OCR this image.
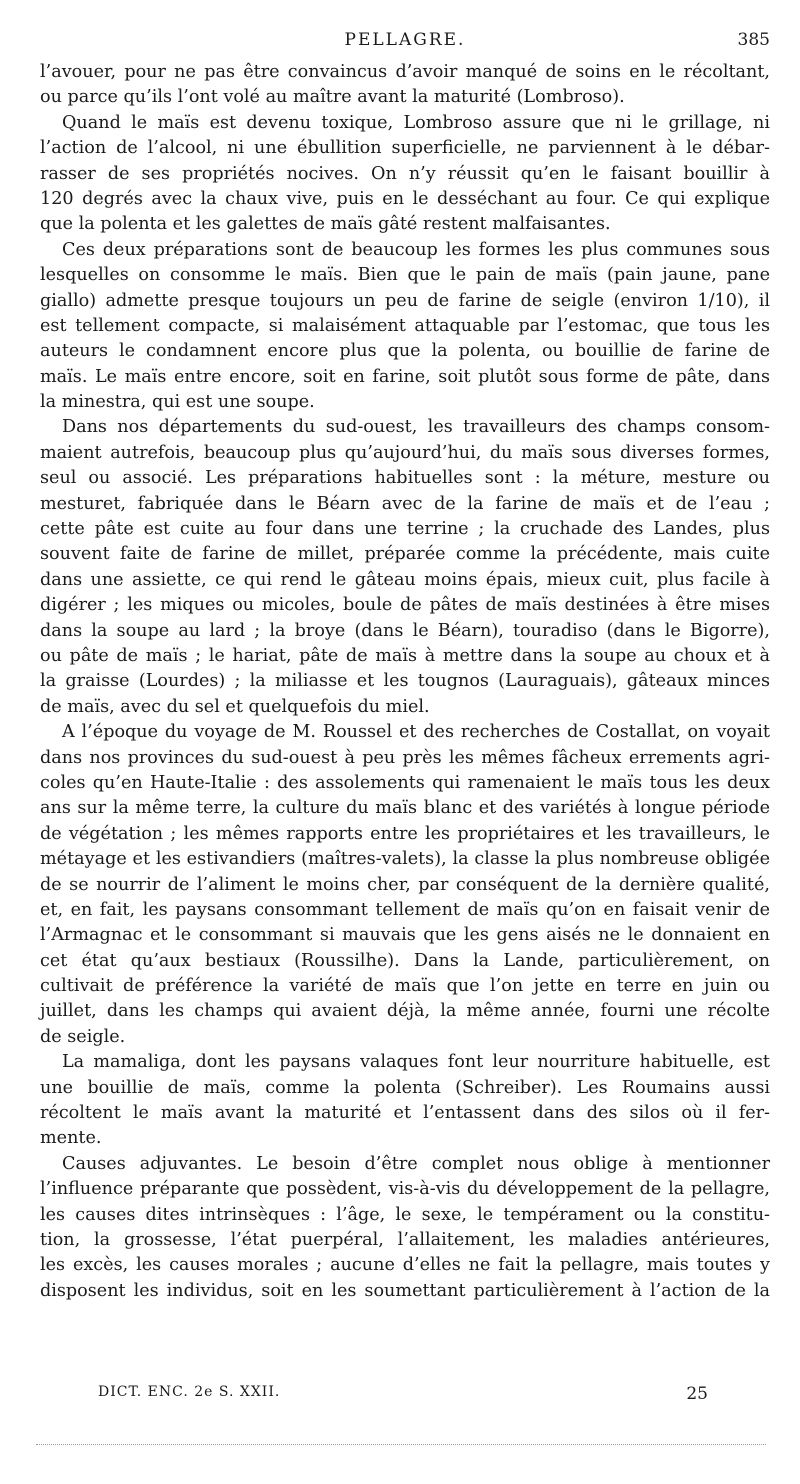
PELLAGRE.	385
l’avouer, pour ne pas être convaincus d’avoir manqué de soins en le récoltant,
ou parce qu’ils l’ont volé au maître avant la maturité (Lombroso).
Quand le maïs est devenu toxique, Lombroso assure que ni le grillage, ni
l’action de l’alcool, ni une ébullition superficielle, ne parviennent à le débar-
rasser de ses propriétés nocives. On n’y réussit qu’en le faisant bouillir à
120 degrés avec la chaux vive, puis en le desséchant au four. Ce qui explique
que la polenta et les galettes de maïs gâté restent malfaisantes.
Ces deux préparations sont de beaucoup les formes les plus communes sous
lesquelles on consomme le maïs. Bien que le pain de maïs (pain jaune, pane
giallo) admette presque toujours un peu de farine de seigle (environ 1/10), il
est tellement compacte, si malaisément attaquable par l’estomac, que tous les
auteurs le condamnent encore plus que la polenta, ou bouillie de farine de
maïs. Le maïs entre encore, soit en farine, soit plutôt sous forme de pâte, dans
la minestra, qui est une soupe.
Dans nos départements du sud-ouest, les travailleurs des champs consom-
maient autrefois, beaucoup plus qu’aujourd’hui, du maïs sous diverses formes,
seul ou associé. Les préparations habituelles sont : la méture, mesture ou
mesturet, fabriquée dans le Béarn avec de la farine de maïs et de l’eau ;
cette pâte est cuite au four dans une terrine ; la cruchade des Landes, plus
souvent faite de farine de millet, préparée comme la précédente, mais cuite
dans une assiette, ce qui rend le gâteau moins épais, mieux cuit, plus facile à
digérer ; les miques ou micoles, boule de pâtes de maïs destinées à être mises
dans la soupe au lard ; la broye (dans le Béarn), touradiso (dans le Bigorre),
ou pâte de maïs ; le hariat, pâte de maïs à mettre dans la soupe au choux et à
la graisse (Lourdes) ; la miliasse et les tougnos (Lauraguais), gâteaux minces
de maïs, avec du sel et quelquefois du miel.
A l’époque du voyage de M. Roussel et des recherches de Costallat, on voyait
dans nos provinces du sud-ouest à peu près les mêmes fâcheux errements agri-
coles qu’en Haute-Italie : des assolements qui ramenaient le maïs tous les deux
ans sur la même terre, la culture du maïs blanc et des variétés à longue période
de végétation ; les mêmes rapports entre les propriétaires et les travailleurs, le
métayage et les estivandiers (maîtres-valets), la classe la plus nombreuse obligée
de se nourrir de l’aliment le moins cher, par conséquent de la dernière qualité,
et, en fait, les paysans consommant tellement de maïs qu’on en faisait venir de
l’Armagnac et le consommant si mauvais que les gens aisés ne le donnaient en
cet état qu’aux bestiaux (Roussilhe). Dans la Lande, particulièrement, on
cultivait de préférence la variété de maïs que l’on jette en terre en juin ou
juillet, dans les champs qui avaient déjà, la même année, fourni une récolte
de seigle.
La mamaliga, dont les paysans valaques font leur nourriture habituelle, est
une bouillie de maïs, comme la polenta (Schreiber). Les Roumains aussi
récoltent le maïs avant la maturité et l’entassent dans des silos où il fer-
mente.
Causes adjuvantes. Le besoin d’être complet nous oblige à mentionner
l’influence préparante que possèdent, vis-à-vis du développement de la pellagre,
les causes dites intrinsèques : l’âge, le sexe, le tempérament ou la constitu-
tion, la grossesse, l’état puerpéral, l’allaitement, les maladies antérieures,
les excès, les causes morales ; aucune d’elles ne fait la pellagre, mais toutes y
disposent les individus, soit en les soumettant particulièrement à l’action de la
DICT. ENC. 2e S. XXII.	25
